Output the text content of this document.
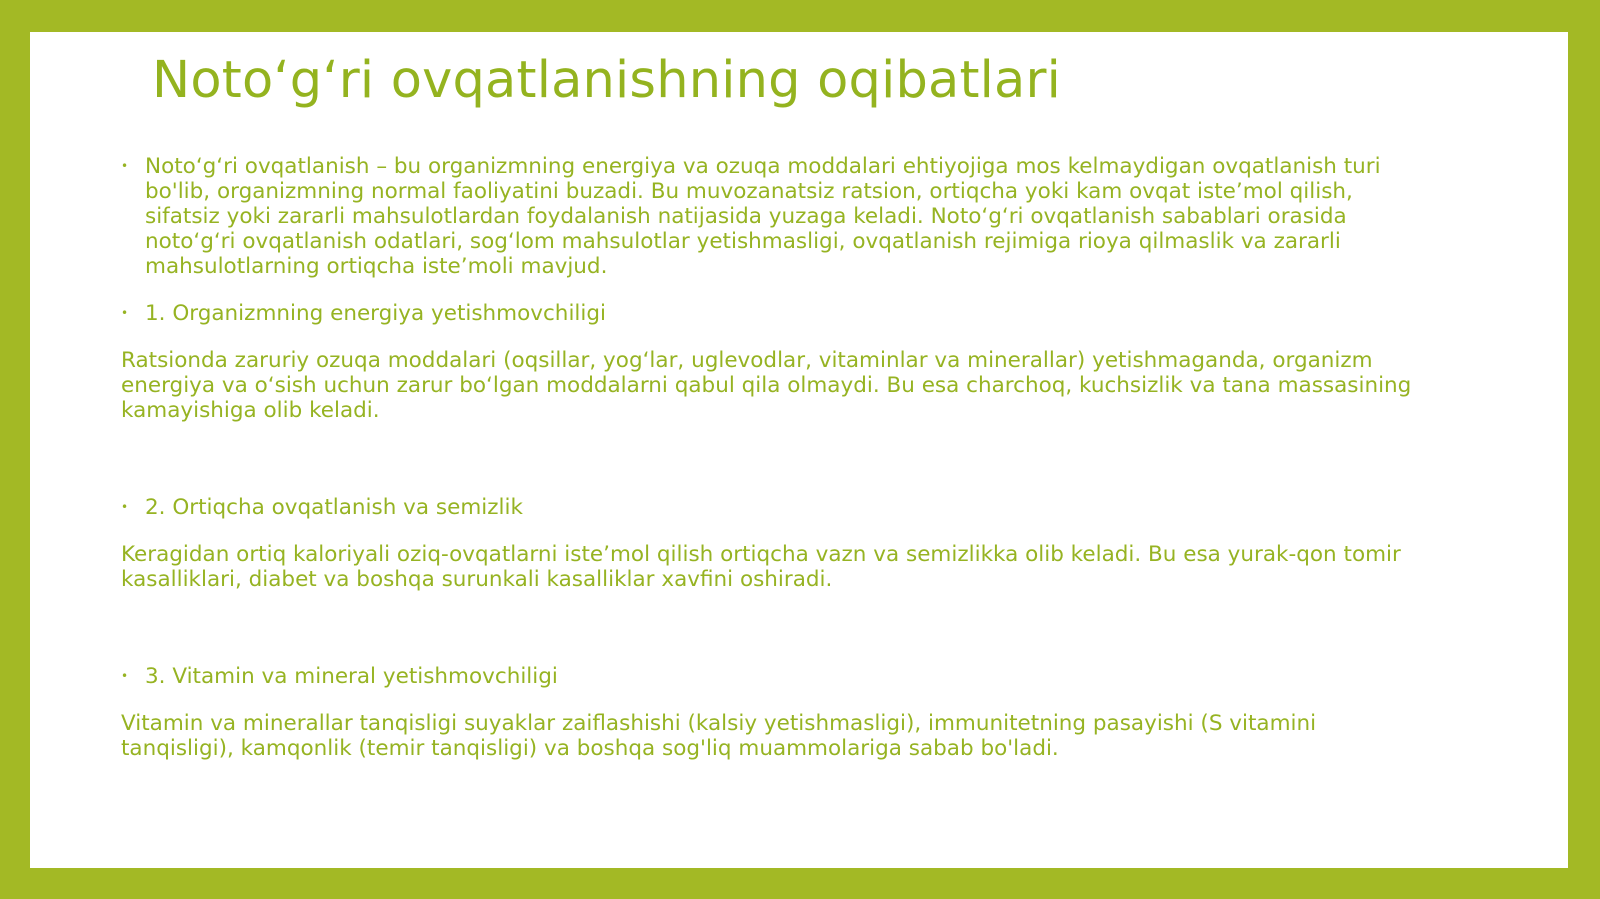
Noto‘g‘ri ovqatlanishning oqibatlari

• Noto‘g‘ri ovqatlanish – bu organizmning energiya va ozuqa moddalari ehtiyojiga mos kelmaydigan ovqatlanish turi bo'lib, organizmning normal faoliyatini buzadi. Bu muvozanatsiz ratsion, ortiqcha yoki kam ovqat iste’mol qilish, sifatsiz yoki zararli mahsulotlardan foydalanish natijasida yuzaga keladi. Noto‘g‘ri ovqatlanish sabablari orasida noto‘g‘ri ovqatlanish odatlari, sog‘lom mahsulotlar yetishmasligi, ovqatlanish rejimiga rioya qilmaslik va zararli mahsulotlarning ortiqcha iste’moli mavjud.

• 1. Organizmning energiya yetishmovchiligi

Ratsionda zaruriy ozuqa moddalari (oqsillar, yog‘lar, uglevodlar, vitaminlar va minerallar) yetishmaganda, organizm energiya va o‘sish uchun zarur bo‘lgan moddalarni qabul qila olmaydi. Bu esa charchoq, kuchsizlik va tana massasining kamayishiga olib keladi.

• 2. Ortiqcha ovqatlanish va semizlik

Keragidan ortiq kaloriyali oziq-ovqatlarni iste’mol qilish ortiqcha vazn va semizlikka olib keladi. Bu esa yurak-qon tomir kasalliklari, diabet va boshqa surunkali kasalliklar xavfini oshiradi.

• 3. Vitamin va mineral yetishmovchiligi

Vitamin va minerallar tanqisligi suyaklar zaiflashishi (kalsiy yetishmasligi), immunitetning pasayishi (S vitamini tanqisligi), kamqonlik (temir tanqisligi) va boshqa sog'liq muammolariga sabab bo'ladi.
